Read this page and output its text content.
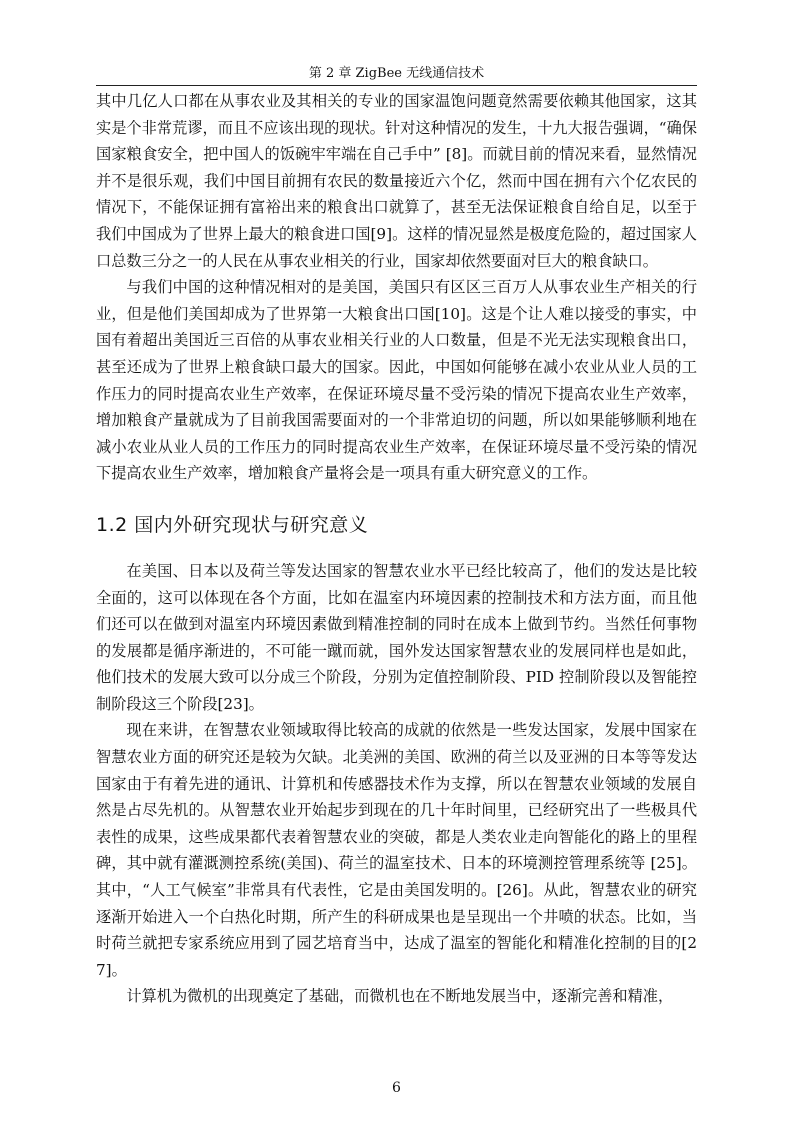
第 2 章 ZigBee 无线通信技术

其中几亿人口都在从事农业及其相关的专业的国家温饱问题竟然需要依赖其他国家，这其实是个非常荒谬，而且不应该出现的现状。针对这种情况的发生，十九大报告强调，“确保国家粮食安全，把中国人的饭碗牢牢端在自己手中” [8]。而就目前的情况来看，显然情况并不是很乐观，我们中国目前拥有农民的数量接近六个亿，然而中国在拥有六个亿农民的情况下，不能保证拥有富裕出来的粮食出口就算了，甚至无法保证粮食自给自足，以至于我们中国成为了世界上最大的粮食进口国[9]。这样的情况显然是极度危险的，超过国家人口总数三分之一的人民在从事农业相关的行业，国家却依然要面对巨大的粮食缺口。

与我们中国的这种情况相对的是美国，美国只有区区三百万人从事农业生产相关的行业，但是他们美国却成为了世界第一大粮食出口国[10]。这是个让人难以接受的事实，中国有着超出美国近三百倍的从事农业相关行业的人口数量，但是不光无法实现粮食出口，甚至还成为了世界上粮食缺口最大的国家。因此，中国如何能够在减小农业从业人员的工作压力的同时提高农业生产效率，在保证环境尽量不受污染的情况下提高农业生产效率，增加粮食产量就成为了目前我国需要面对的一个非常迫切的问题，所以如果能够顺利地在减小农业从业人员的工作压力的同时提高农业生产效率，在保证环境尽量不受污染的情况下提高农业生产效率，增加粮食产量将会是一项具有重大研究意义的工作。

1.2 国内外研究现状与研究意义

在美国、日本以及荷兰等发达国家的智慧农业水平已经比较高了，他们的发达是比较全面的，这可以体现在各个方面，比如在温室内环境因素的控制技术和方法方面，而且他们还可以在做到对温室内环境因素做到精准控制的同时在成本上做到节约。当然任何事物的发展都是循序渐进的，不可能一蹴而就，国外发达国家智慧农业的发展同样也是如此，他们技术的发展大致可以分成三个阶段，分别为定值控制阶段、PID 控制阶段以及智能控制阶段这三个阶段[23]。

现在来讲，在智慧农业领域取得比较高的成就的依然是一些发达国家，发展中国家在智慧农业方面的研究还是较为欠缺。北美洲的美国、欧洲的荷兰以及亚洲的日本等等发达国家由于有着先进的通讯、计算机和传感器技术作为支撑，所以在智慧农业领域的发展自然是占尽先机的。从智慧农业开始起步到现在的几十年时间里，已经研究出了一些极具代表性的成果，这些成果都代表着智慧农业的突破，都是人类农业走向智能化的路上的里程碑，其中就有灌溉测控系统(美国)、荷兰的温室技术、日本的环境测控管理系统等 [25]。其中，“人工气候室”非常具有代表性，它是由美国发明的。[26]。从此，智慧农业的研究逐渐开始进入一个白热化时期，所产生的科研成果也是呈现出一个井喷的状态。比如，当时荷兰就把专家系统应用到了园艺培育当中，达成了温室的智能化和精准化控制的目的[27]。

计算机为微机的出现奠定了基础，而微机也在不断地发展当中，逐渐完善和精准，

6
